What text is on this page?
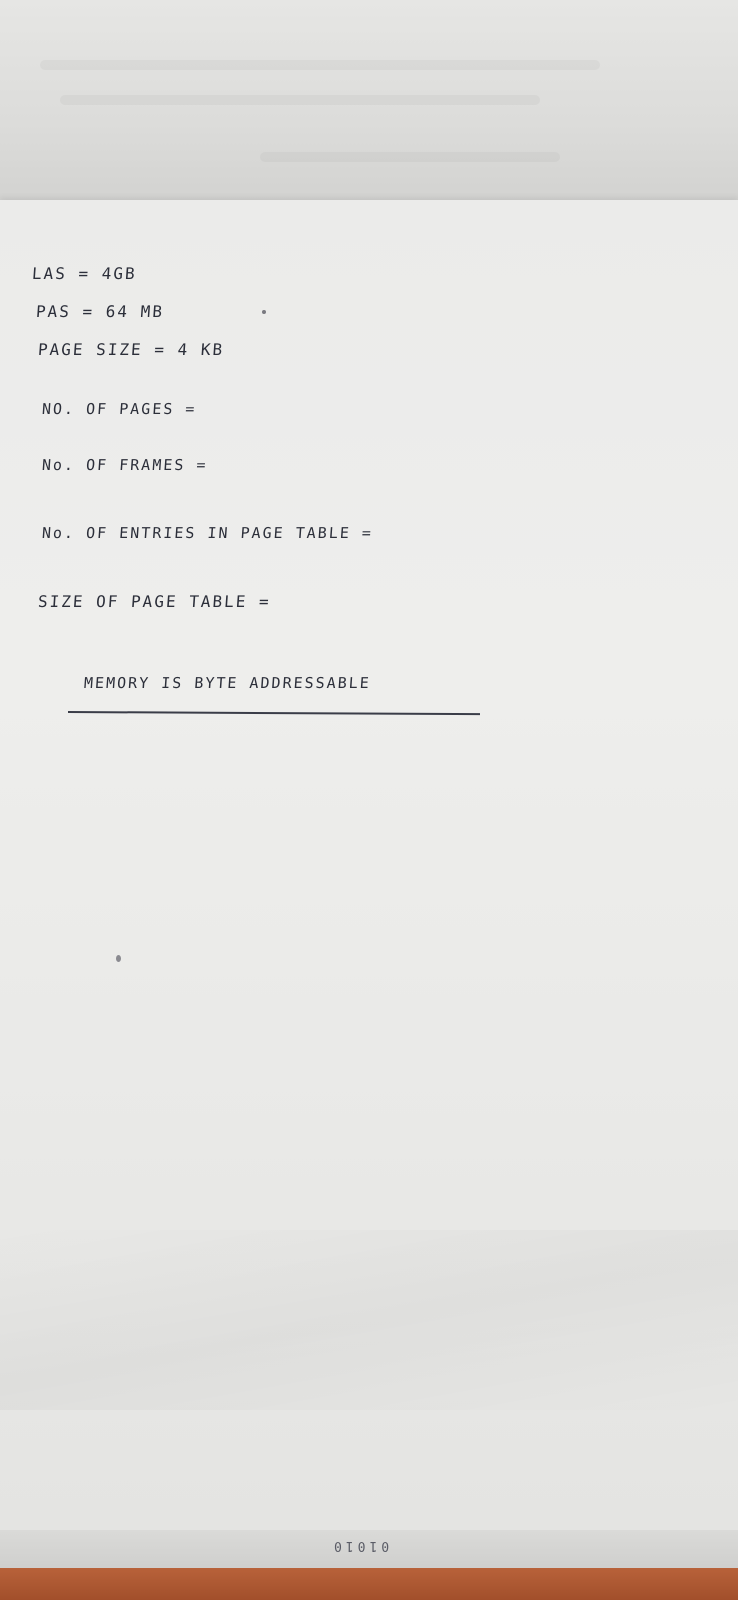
LAS = 4GB
PAS = 64 MB
PAGE SIZE = 4 KB
NO. OF PAGES =
No. OF FRAMES =
No. OF ENTRIES IN PAGE TABLE =
SIZE OF PAGE TABLE =
MEMORY IS BYTE ADDRESSABLE
01010
